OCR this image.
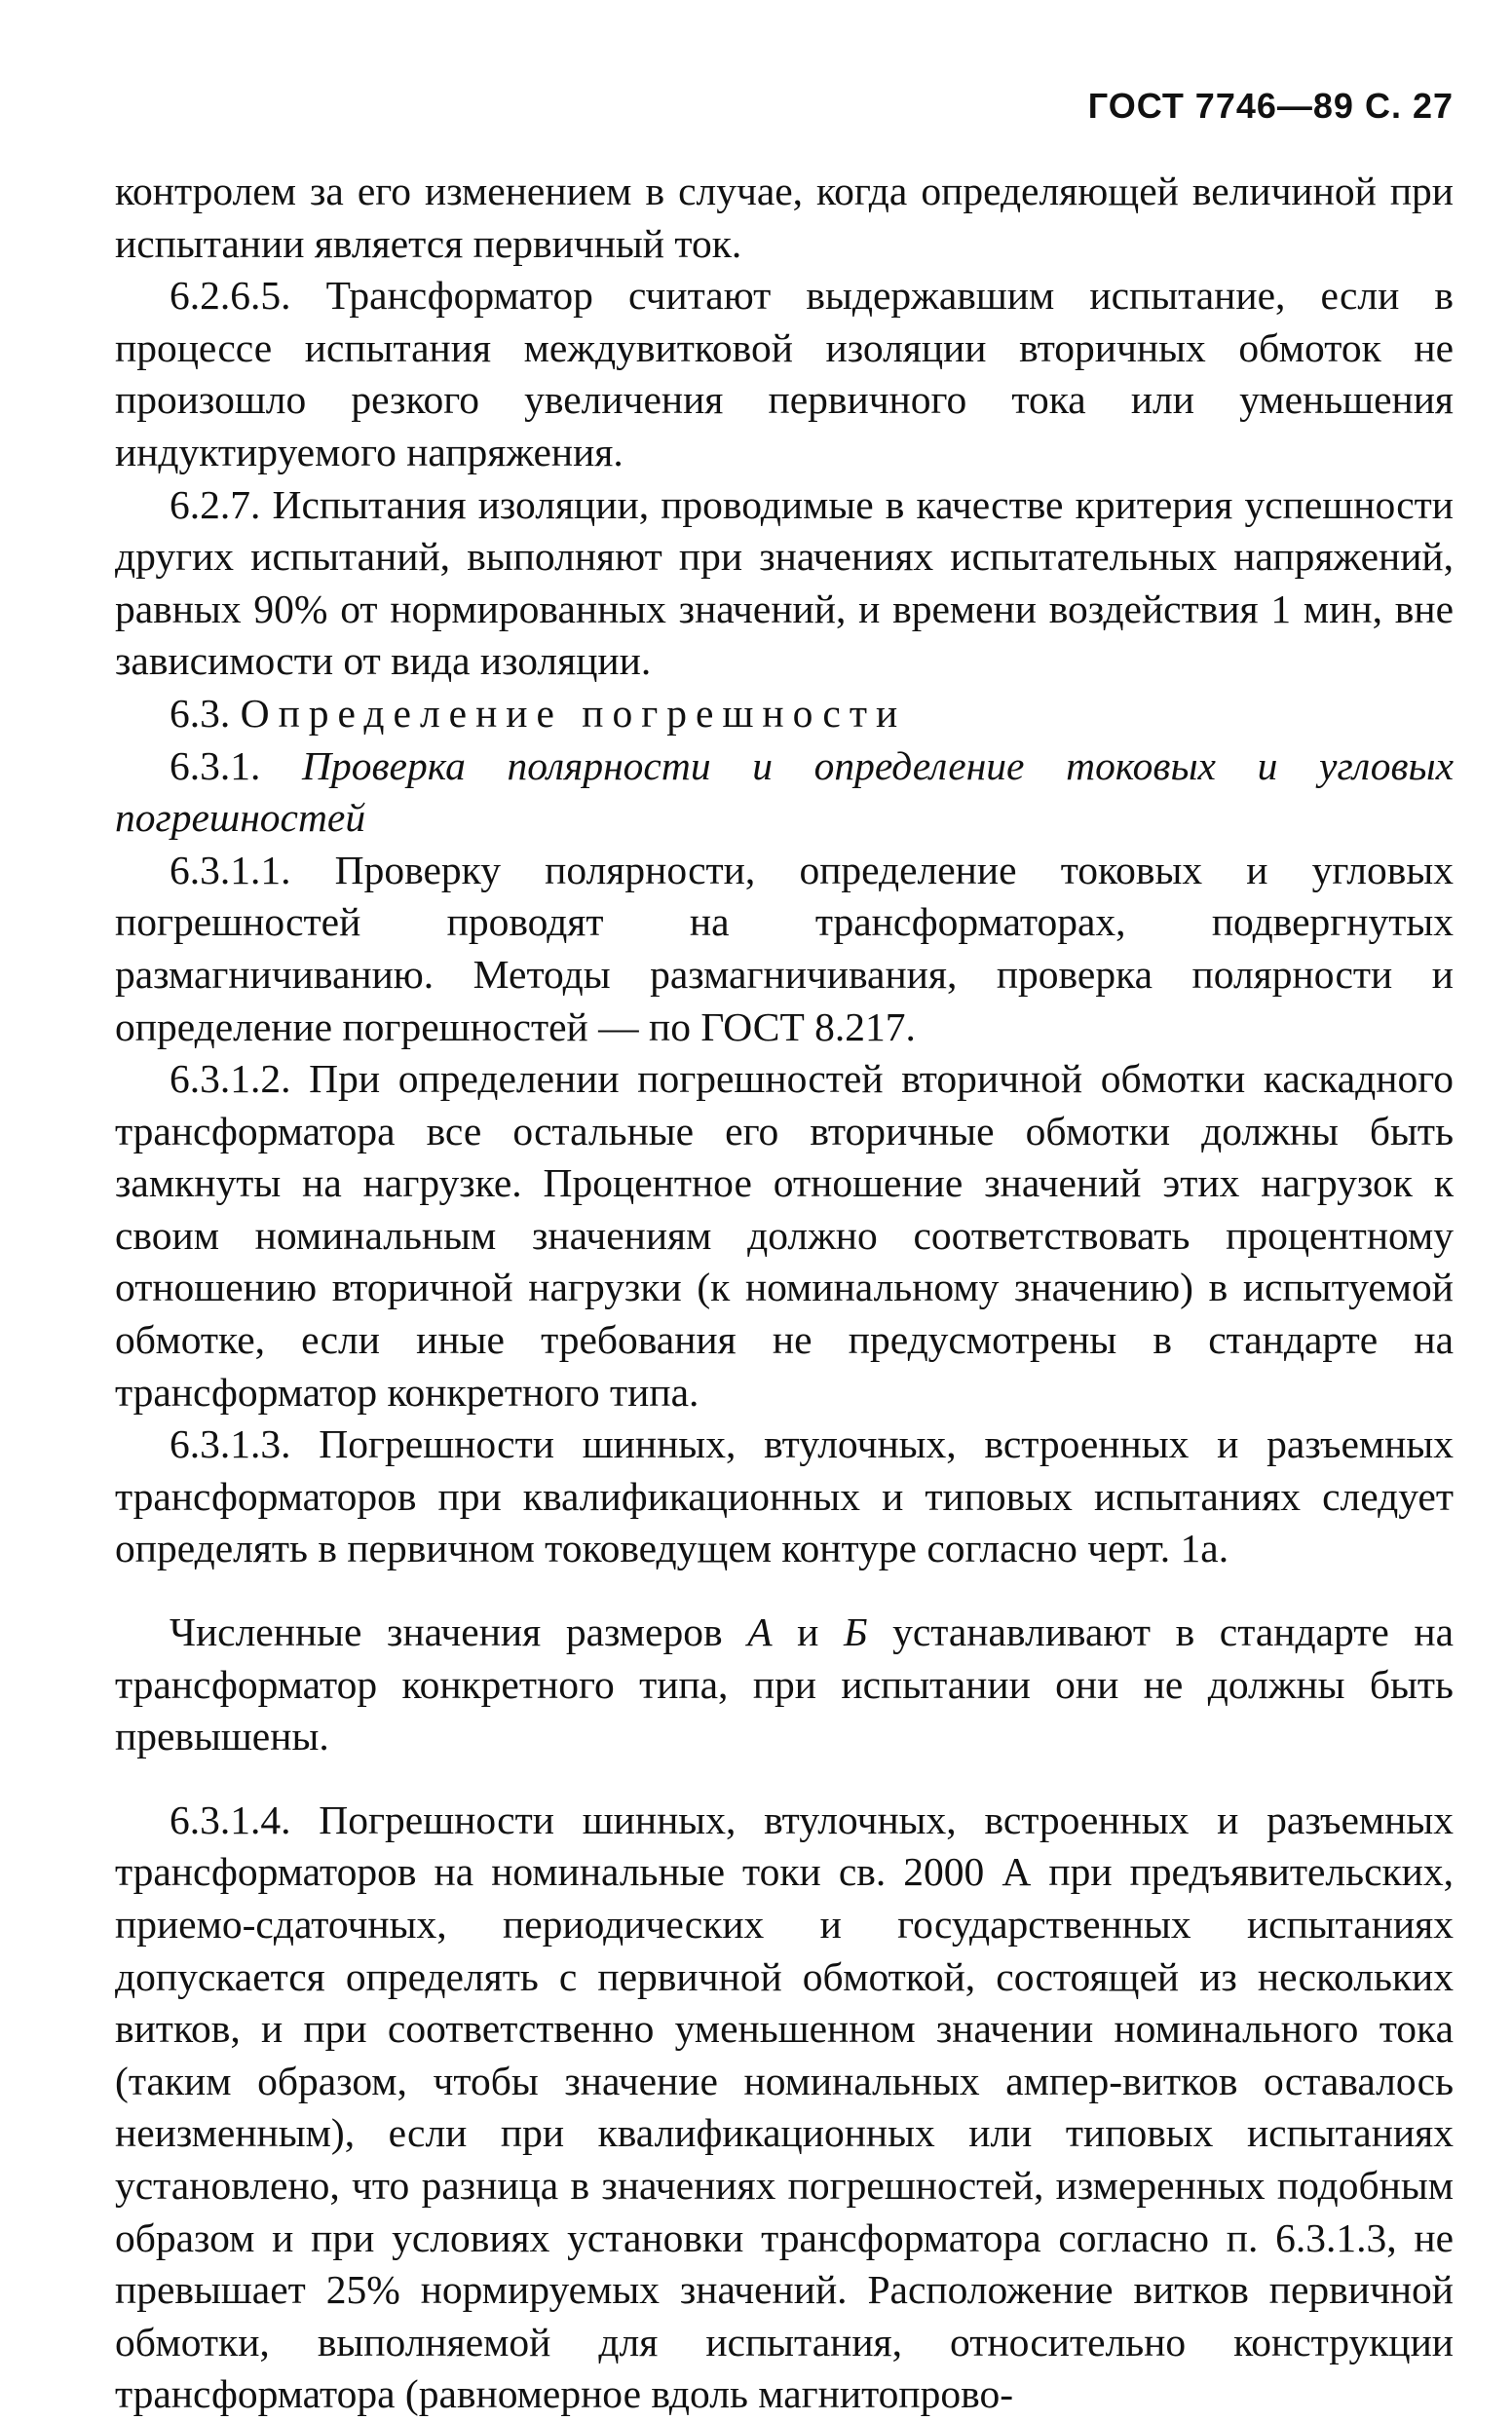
ГОСТ 7746—89 С. 27

контролем за его изменением в случае, когда определяющей величиной при испытании является первичный ток.

6.2.6.5. Трансформатор считают выдержавшим испытание, если в процессе испытания междувитковой изоляции вторичных обмоток не произошло резкого увеличения первичного тока или уменьшения индуктируемого напряжения.

6.2.7. Испытания изоляции, проводимые в качестве критерия успешности других испытаний, выполняют при значениях испытательных напряжений, равных 90% от нормированных значений, и времени воздействия 1 мин, вне зависимости от вида изоляции.

6.3. Определение погрешности

6.3.1. Проверка полярности и определение токовых и угловых погрешностей

6.3.1.1. Проверку полярности, определение токовых и угловых погрешностей проводят на трансформаторах, подвергнутых размагничиванию. Методы размагничивания, проверка полярности и определение погрешностей — по ГОСТ 8.217.

6.3.1.2. При определении погрешностей вторичной обмотки каскадного трансформатора все остальные его вторичные обмотки должны быть замкнуты на нагрузке. Процентное отношение значений этих нагрузок к своим номинальным значениям должно соответствовать процентному отношению вторичной нагрузки (к номинальному значению) в испытуемой обмотке, если иные требования не предусмотрены в стандарте на трансформатор конкретного типа.

6.3.1.3. Погрешности шинных, втулочных, встроенных и разъемных трансформаторов при квалификационных и типовых испытаниях следует определять в первичном токоведущем контуре согласно черт. 1а.

Численные значения размеров А и Б устанавливают в стандарте на трансформатор конкретного типа, при испытании они не должны быть превышены.

6.3.1.4. Погрешности шинных, втулочных, встроенных и разъемных трансформаторов на номинальные токи св. 2000 А при предъявительских, приемо-сдаточных, периодических и государственных испытаниях допускается определять с первичной обмоткой, состоящей из нескольких витков, и при соответственно уменьшенном значении номинального тока (таким образом, чтобы значение номинальных ампер-витков оставалось неизменным), если при квалификационных или типовых испытаниях установлено, что разница в значениях погрешностей, измеренных подобным образом и при условиях установки трансформатора согласно п. 6.3.1.3, не превышает 25% нормируемых значений. Расположение витков первичной обмотки, выполняемой для испытания, относительно конструкции трансформатора (равномерное вдоль магнитопрово-
